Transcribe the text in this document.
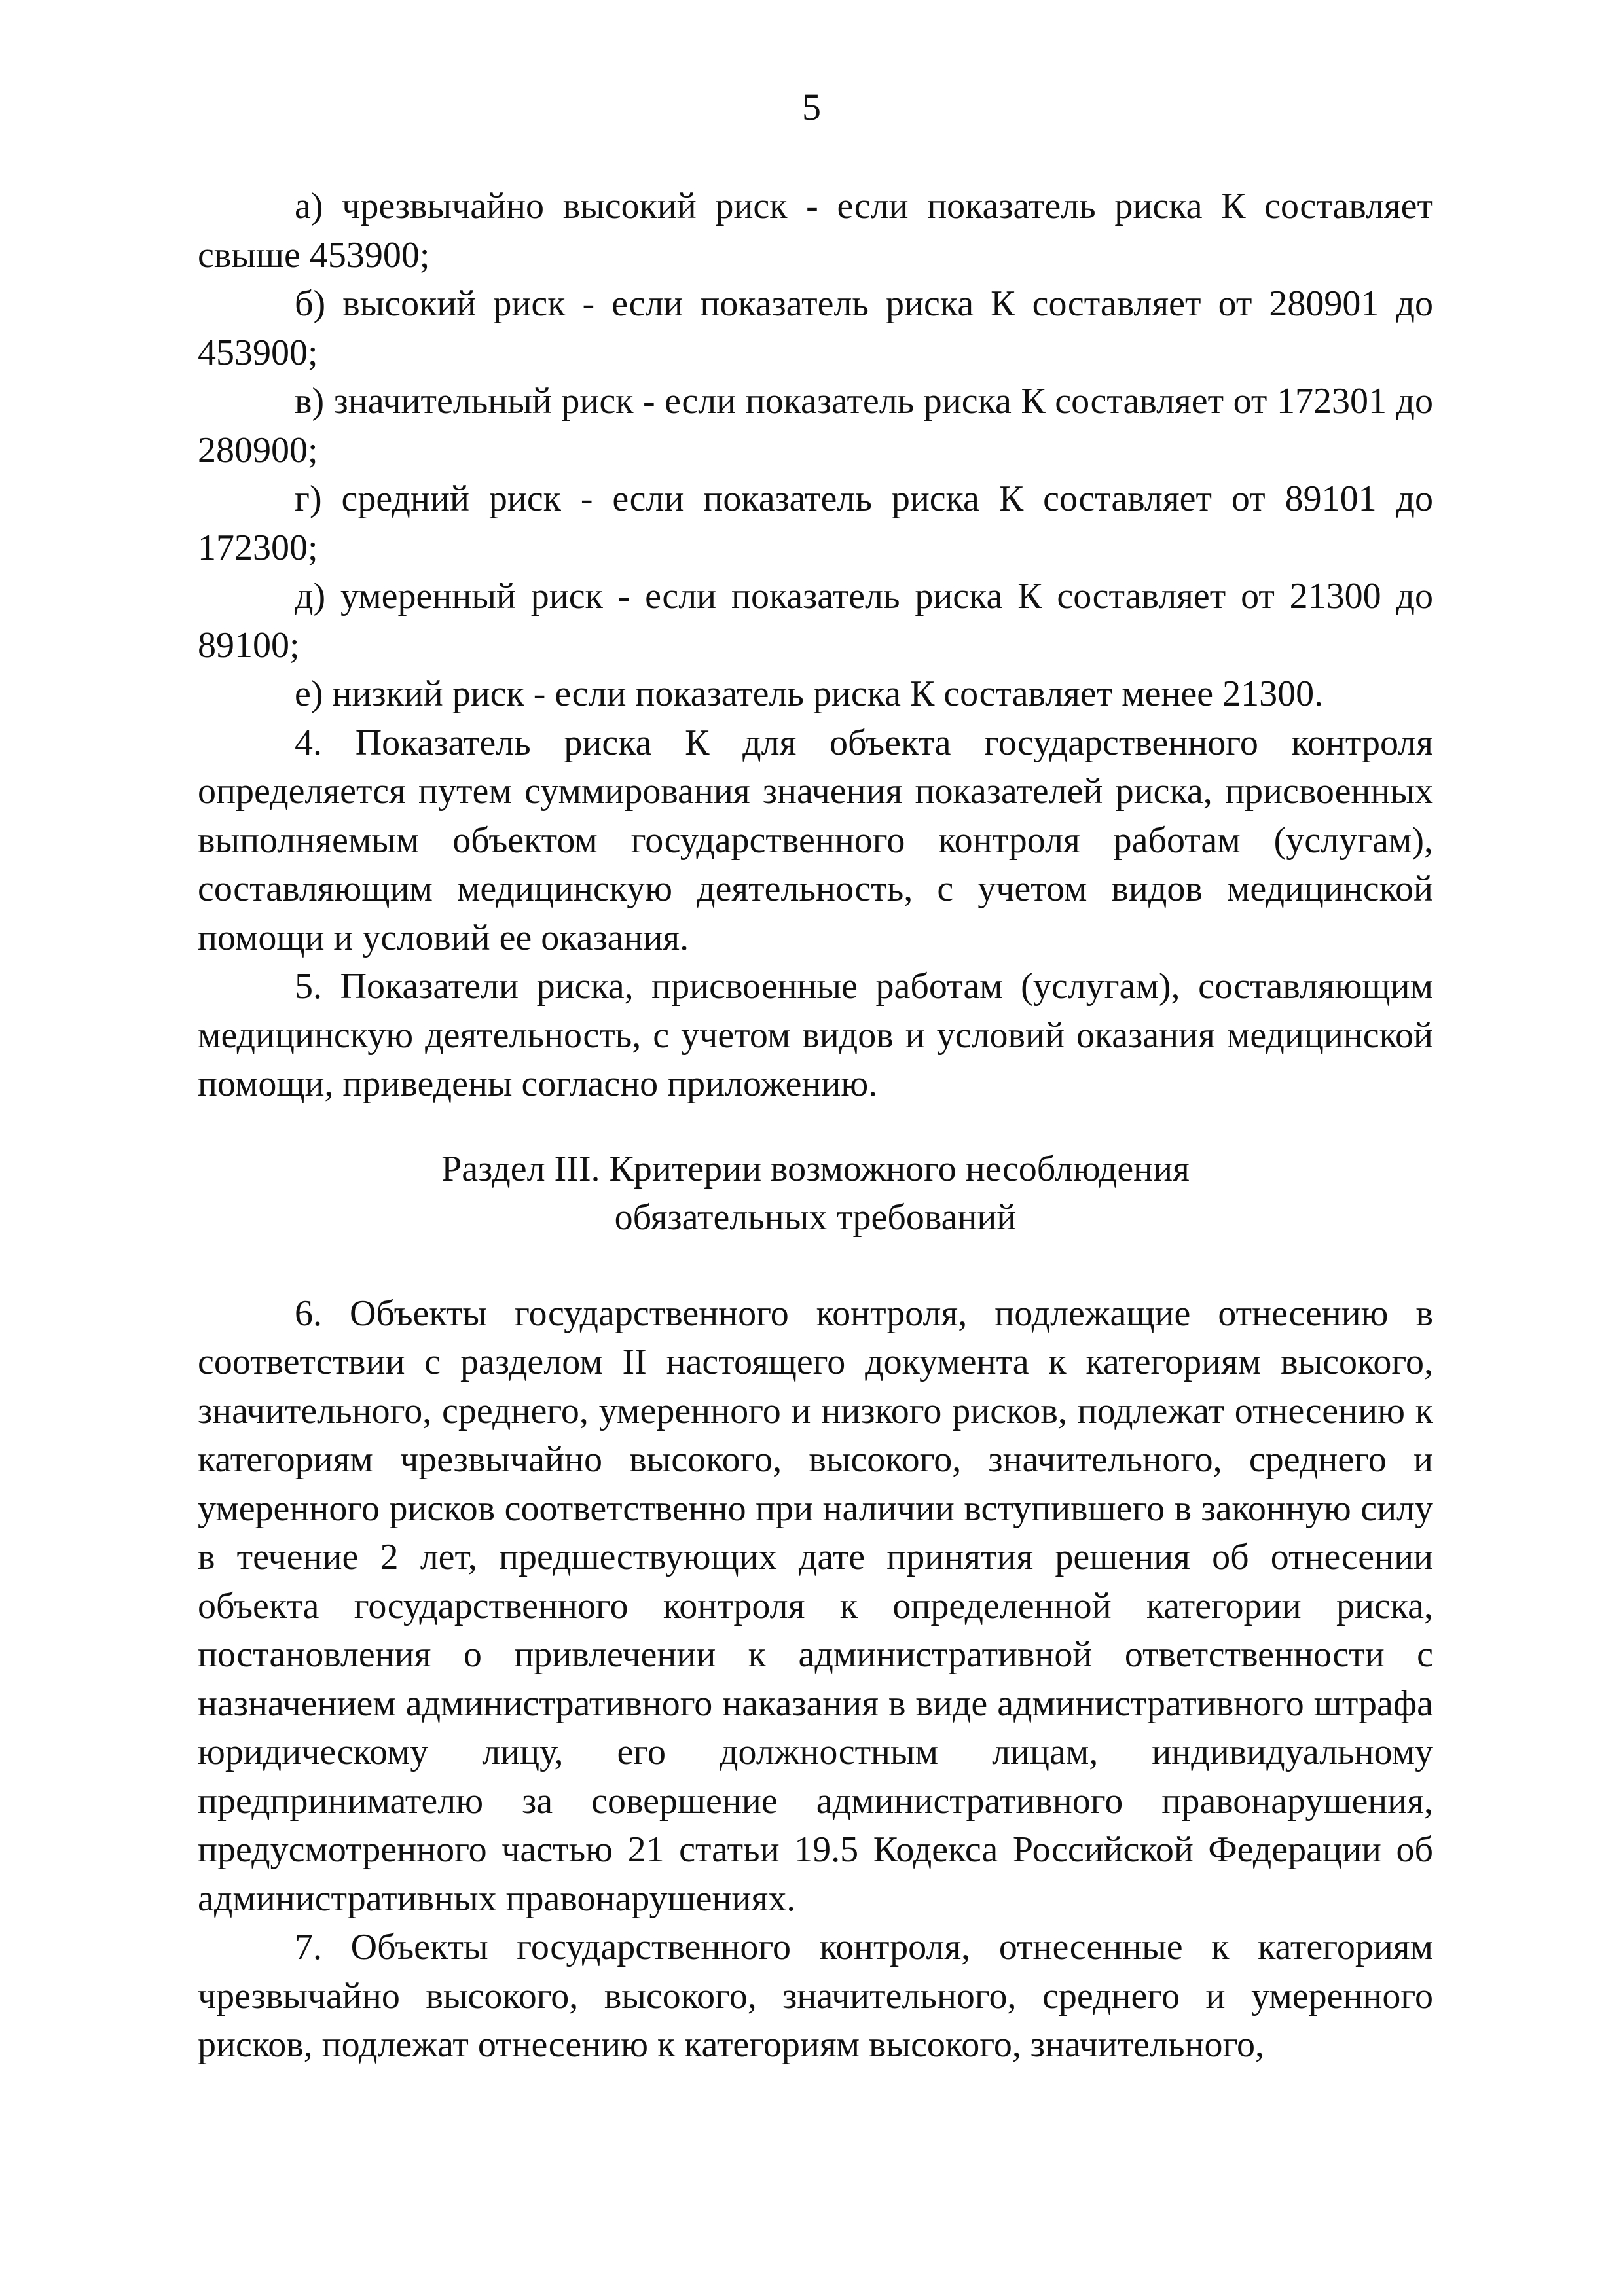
5

а) чрезвычайно высокий риск - если показатель риска К составляет свыше 453900;

б) высокий риск - если показатель риска К составляет от 280901 до 453900;

в) значительный риск - если показатель риска К составляет от 172301 до 280900;

г) средний риск - если показатель риска К составляет от 89101 до 172300;

д) умеренный риск - если показатель риска К составляет от 21300 до 89100;

е) низкий риск - если показатель риска К составляет менее 21300.

4. Показатель риска К для объекта государственного контроля определяется путем суммирования значения показателей риска, присвоенных выполняемым объектом государственного контроля работам (услугам), составляющим медицинскую деятельность, с учетом видов медицинской помощи и условий ее оказания.

5. Показатели риска, присвоенные работам (услугам), составляющим медицинскую деятельность, с учетом видов и условий оказания медицинской помощи, приведены согласно приложению.

Раздел III. Критерии возможного несоблюдения
обязательных требований

6. Объекты государственного контроля, подлежащие отнесению в соответствии с разделом II настоящего документа к категориям высокого, значительного, среднего, умеренного и низкого рисков, подлежат отнесению к категориям чрезвычайно высокого, высокого, значительного, среднего и умеренного рисков соответственно при наличии вступившего в законную силу в течение 2 лет, предшествующих дате принятия решения об отнесении объекта государственного контроля к определенной категории риска, постановления о привлечении к административной ответственности с назначением административного наказания в виде административного штрафа юридическому лицу, его должностным лицам, индивидуальному предпринимателю за совершение административного правонарушения, предусмотренного частью 21 статьи 19.5 Кодекса Российской Федерации об административных правонарушениях.

7. Объекты государственного контроля, отнесенные к категориям чрезвычайно высокого, высокого, значительного, среднего и умеренного рисков, подлежат отнесению к категориям высокого, значительного,
